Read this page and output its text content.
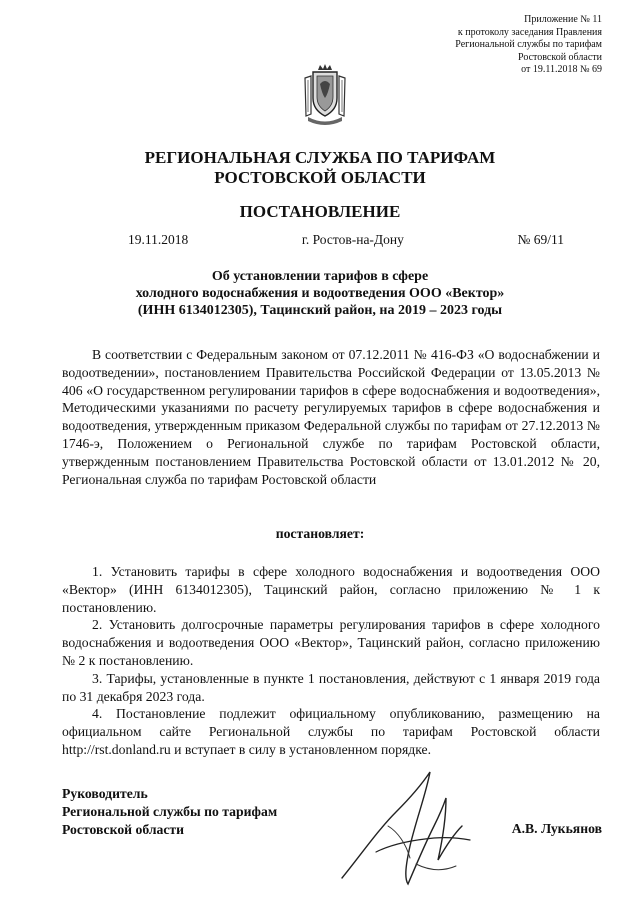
Приложение № 11
к протоколу заседания Правления
Региональной службы по тарифам
Ростовской области
от 19.11.2018 № 69
РЕГИОНАЛЬНАЯ СЛУЖБА ПО ТАРИФАМ
РОСТОВСКОЙ ОБЛАСТИ
ПОСТАНОВЛЕНИЕ
19.11.2018	г. Ростов-на-Дону	№ 69/11
Об установлении тарифов в сфере
холодного водоснабжения и водоотведения ООО «Вектор»
(ИНН 6134012305), Тацинский район, на 2019 – 2023 годы
В соответствии с Федеральным законом от 07.12.2011 № 416-ФЗ «О водоснабжении и водоотведении», постановлением Правительства Российской Федерации от 13.05.2013 № 406 «О государственном регулировании тарифов в сфере водоснабжения и водоотведения», Методическими указаниями по расчету регулируемых тарифов в сфере водоснабжения и водоотведения, утвержденным приказом Федеральной службы по тарифам от 27.12.2013 № 1746-э, Положением о Региональной службе по тарифам Ростовской области, утвержденным постановлением Правительства Ростовской области от 13.01.2012 № 20, Региональная служба по тарифам Ростовской области
постановляет:

1. Установить тарифы в сфере холодного водоснабжения и водоотведения ООО «Вектор» (ИНН 6134012305), Тацинский район, согласно приложению № 1 к постановлению.

2. Установить долгосрочные параметры регулирования тарифов в сфере холодного водоснабжения и водоотведения ООО «Вектор», Тацинский район, согласно приложению № 2 к постановлению.

3. Тарифы, установленные в пункте 1 постановления, действуют с 1 января 2019 года по 31 декабря 2023 года.

4. Постановление подлежит официальному опубликованию, размещению на официальном сайте Региональной службы по тарифам Ростовской области http://rst.donland.ru и вступает в силу в установленном порядке.

Руководитель
Региональной службы по тарифам
Ростовской области	А.В. Лукьянов
